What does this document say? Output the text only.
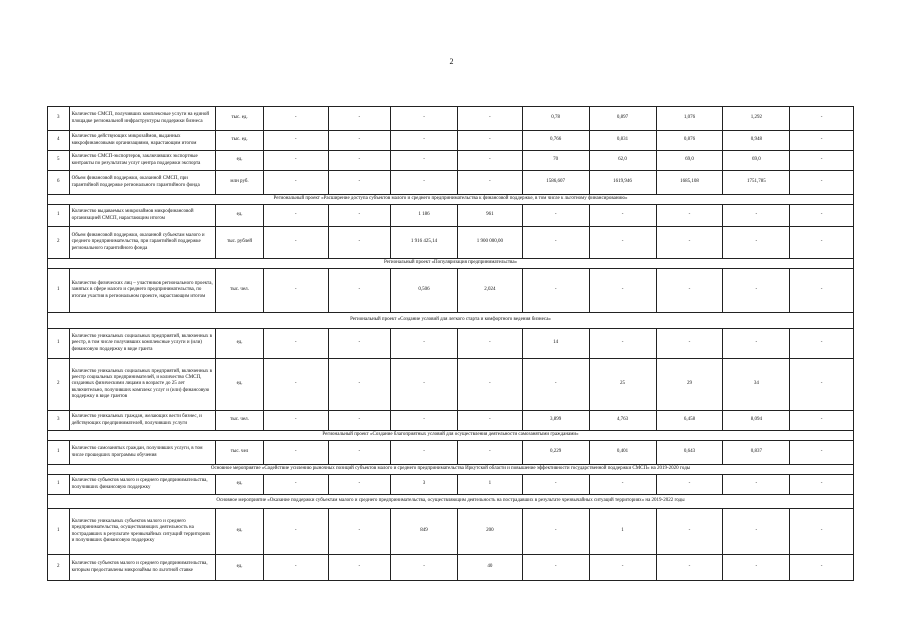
2
3	Количество СМСП, получивших комплексные услуги на единой площадке региональной инфраструктуры поддержки бизнеса	тыс. ед.	-	-	-	-	0,78	0,897	1,076	1,292	-
4	Количество действующих микрозаймов, выданных микрофинансовыми организациями, нарастающим итогом	тыс. ед.	-	-	-	-	0,766	0,831	0,876	0,948	-
5	Количество СМСП-экспортеров, заключивших экспортные контракты по результатам услуг центра поддержки экспорта	ед.	-	-	-	-	70	62,0	69,0	69,0	-
6	Объем финансовой поддержки, оказанной СМСП, при гарантийной поддержке регионального гарантийного фонда	млн руб.	-	-	-	-	1586,607	1619,946	1685,108	1751,785	-
Региональный проект «Расширение доступа субъектов малого и среднего предпринимательства к финансовой поддержке, в том числе к льготному финансированию»											
1	Количество выдаваемых микрозаймов микрофинансовой организацией СМСП, нарастающим итогом	ед.	-	-	1 186	961	-	-	-	-	-
2	Объем финансовой поддержки, оказанной субъектам малого и среднего предпринимательства, при гарантийной поддержке регионального гарантийного фонда	тыс. рублей	-	-	1 916 425,14	1 900 000,00	-	-	-	-	-
Региональный проект «Популяризация предпринимательства»											
1	Количество физических лиц – участников регионального проекта, занятых в сфере малого и среднего предпринимательства, по итогам участия в региональном проекте, нарастающим итогом	тыс. чел.	-	-	0,506	2,024	-	-	-	-	-
Региональный проект «Создание условий для легкого старта и комфортного ведения бизнеса»											
1	Количество уникальных социальных предприятий, включенных в реестр, в том числе получивших комплексные услуги и (или) финансовую поддержку в виде гранта	ед.	-	-	-	-	14	-	-	-	-
2	Количество уникальных социальных предприятий, включенных в реестр социальных предпринимателей, и количество СМСП, созданных физическими лицами в возрасте до 25 лет включительно, получивших комплекс услуг и (или) финансовую поддержку в виде грантов	ед.	-	-	-	-	-	25	29	34	-
3	Количество уникальных граждан, желающих вести бизнес, и действующих предпринимателей, получивших услуги	тыс. чел.	-	-	-	-	3,899	4,763	6,458	8,094	-
Региональный проект «Создание благоприятных условий для осуществления деятельности самозанятыми гражданами»											
1	Количество самозанятых граждан, получивших услуги, в том числе прошедших программы обучения	тыс. чел	-	-	-	-	0,229	0,401	0,643	0,837	-
Основное мероприятие «Содействие усилению рыночных позиций субъектов малого и среднего предпринимательства Иркутской области и повышение эффективности государственной поддержки СМСП» на 2019-2020 годы											
1	Количество субъектов малого и среднего предпринимательства, получивших финансовую поддержку	ед.	-	-	3	1	-	-	-	-	-
Основное мероприятие «Оказание поддержки субъектам малого и среднего предпринимательства, осуществляющим деятельность на пострадавших в результате чрезвычайных ситуаций территориях» на 2019-2022 годы											
1	Количество уникальных субъектов малого и среднего предпринимательства, осуществляющих деятельность на пострадавших в результате чрезвычайных ситуаций территориях и получивших финансовую поддержку	ед.	-	-	849	200	-	1	-	-	-
2	Количество субъектов малого и среднего предпринимательства, которым предоставлены микрозаймы по льготной ставке	ед.	-	-	-	40	-	-	-	-	-
